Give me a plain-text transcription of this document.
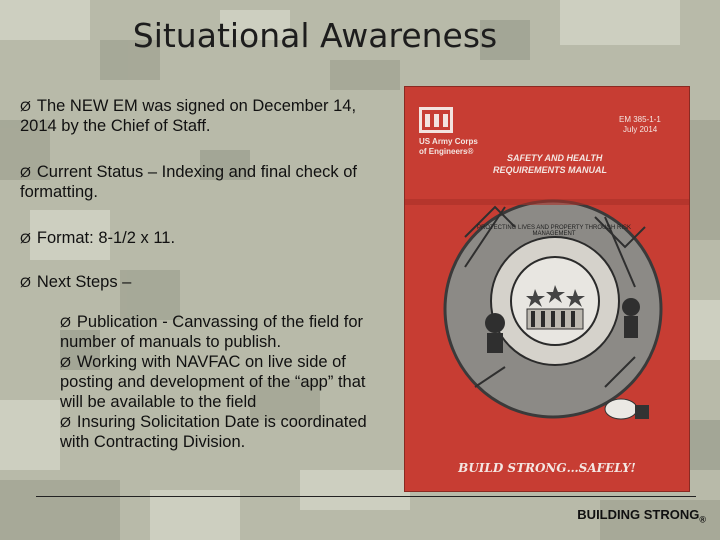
Situational Awareness

Ø The NEW EM was signed on December 14, 2014 by the Chief of Staff.

Ø Current Status – Indexing and final check of formatting.

Ø Format: 8-1/2 x 11.

Ø Next Steps –

Ø Publication - Canvassing of the field for number of manuals to publish.

Ø Working with NAVFAC on live side of posting and development of the “app” that will be available to the field

Ø Insuring Solicitation Date is coordinated with Contracting Division.

EM 385-1-1
July 2014
US Army Corps
of Engineers®
SAFETY AND HEALTH
REQUIREMENTS MANUAL
PROTECTING LIVES AND PROPERTY THROUGH RISK MANAGEMENT
BUILD STRONG…SAFELY!
BUILDING $STRONG_®$
